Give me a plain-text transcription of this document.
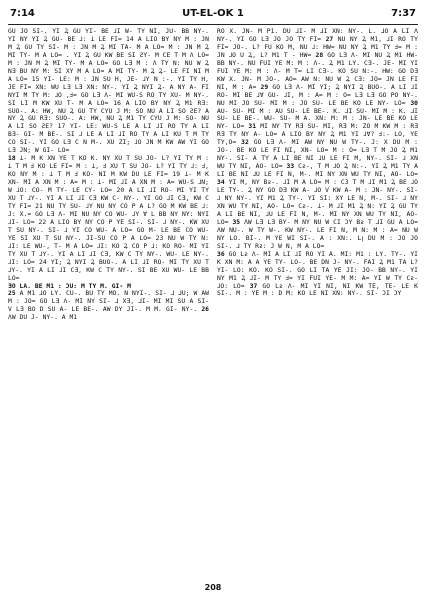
7:14	UT-EL-OK 1	7:37

GU JO SI-. YI Ꝝ GU YI- BE ⅃I W- TY NI, JU- BB NY-. YI NY YI Ꝝ GU- BE ⅃: Ʇ LE FI= 14 A LIO BY NY M : JN M Ꝝ GU TY SI- M : JN M Ꝝ MI TA- M A LO= M : JN M Ꝝ MI TY- M A LO= . YI Ꝝ GU KW BE SI ƧY- M CE T M Λ LO= M : JN M Ꝝ MI TY- M A LO= GO LƎ M : Λ TY N: NU W Ꝝ NƎ BU NY M: SI XY M A LO= A MI TY- M Ꝝ Ꝝ- LE FI NI M A LO= 15 YI- LE: M : JN SU H, JE- ⅃Y N :-. YI TY H, JE FI= XN: WU LƎ LƎ XN: NY-. YI Ꝝ NYI Ꝝ- A NY A- FI NYI M TY M: ⅃O ,Ⅎ= GO LƎ Λ- MI WU-S RO TY XU- M NY-. SI LI M KW XU T- M A LO= 16 A LIO BY NY Ꝝ M1 RƎ: SUO-. A: HW, NU Ꝝ GU TY CYU J M: SO NU A LI SO ƧE? A NY Ꝝ GU RƎ: SUO-. A: HW, NU Ꝝ M1 TY CYU J M: SO- NU A LI SO ƧE? 17 YI- LE: WU-S LE A LI ⅃I RO TY A LI BƎ- GI- M BE-. SI ⅃ LE A LI ⅃I RO TY A LI KU T M TY CO SI-. YI GO LƎ C N M-. XU ZI; ⅃O JN M KW AW YI GO LƎ JN; W GI- LO=

18 Ʇ- M K XN YE T KO K. NY XU T SU JO- L? YI TY M : Ʇ T M Ⅎ KO LE FI= M : Ʇ, Ⅎ XU T SU JO- L? YI TY ⅃: Ⅎ, KO NY M : Ʇ T M Ⅎ KO- NI M KW DU LE FI= 19 Ʇ- M K XN- MI A XN M : A= M : Ʇ- MI ⅃I A XN M : A= WU-S ⅃N; W ⅃O: CO- M TY- LE CY- LO= 20 A LI ⅃I RO- MI YI TY XU T ⅃Y-. YI A LI ⅃I CƎ KW C- NY-. YI GO ⅃I CƎ, KW C TY FI= 21 NU TY SU- ⅃Y NU NY CO P A L? GO M KW BE ⅃: J: X.= GO LƎ Λ- MI NU NY CO WU- ⅃Y Ɐ L BB NY NY: NYI ⅃I- LO= 22 A LIO BY NY CO P YE SI-. SI- ⅃ NY-. KW XU T SU NY-. SI- ⅃ YI CO WU- A LO= GO M- LE BE CO WU- YE SI XU T SU NY-. JI-SU CO P A LO= 23 NU W TY N: ⅃I: LE WU-, T- M A LO= ⅃I: KO Ꝝ CO P ⅃: KO RO- MI YI TY XU T ⅃Y-. YI A LI ⅃I CƎ, KW C TY NY-. WU- LE NY-. ⅃I: LO= 24 YI; Ꝝ NYI Ꝝ BUO-. A LI ⅃I RO- MI TY XU T ⅃Y-. YI A LI ⅃I CƎ, KW C TY NY-. SI BE XU WU- LE BB LO=

ƎO LA. BE M1 : ƆU: M TY M. GI- M

25 A M1 ⅃O LY. CU-. BU TY MO. N NYI-. SI- ⅃ ⅃U; W AW M : JO= GO LƎ Λ- MI NY SI- ⅃ XƎ, ⅃I- MI MI SU A SI- V LƎ BO D SU A- LE BE-. AW DY JI-. M M. GI- NY-. 26 ΛW DU J- NY-. A M1

RO X. JN- M P1. DU ⅃I- M ⅃I XN: NY-. L. ⅃O A LI Λ NY-. YI GO LƎ JO JO TY FI= 27 NU NY Ꝝ M1, ⅃I RO TY FI= JO-. L? FU KO M, NU ⅃: HW= NU NY Ꝝ M1 TY Ⅎ= M : JN ⅃O U Ꝝ, L? M1 T - HW= 28 GO LƎ Λ- MI NU Ꝝ M1 HW- BB NY-. NU FUI YE M: M : Λ-. Ꝝ M1 LY. CƎ-. JE- MI YI FUI YE M: M : Λ- M T= LI CƎ-. KO SU N:-. HW: GO DƎ KW X. JN- M JO-. AO= AW N: NU W Ꝝ CƎ: JO= JN LE FI NI, M : A= 29 GO LƎ Λ- MI YI; Ꝝ NYI Ꝝ BUO-. A LI ⅃I RO- MI BE ⅃Ɐ GU- ⅃I, M : A= M : O= LƎ LƎ GO PO NY-. NU MI JO SU- MI M : JO SU- LE BE KO LE NY- LO= 30 AU- SU- MI M : AU SU- LE BE-. K. ⅃I SU- MI M : K. ⅃I SU- LE BE-. WU- SU- M A. XN: M: M : JN- LE BE KO LE NY- LO= 31 MI NY TY RƎ SU- MI, RƎ M: ZO M KW M : RƎ RƎ TY NY A- LO= A LIO BY NY Ꝝ M1 YI ⅃Ɐ? Ⅎ:- LO, YE TY,O= 32 GO LƎ Λ- MI AW NY NU W TY-. J: X DU M : JO-. BE KO LE FI NI, XN- LO= M : O= LƎ T M JO Ꝝ M1 NY-. SI- A TY A LI BE NI ⅃U LE FI M, NY-. SI- ⅃ XN WU TY NI, AO- LO= 33 Cƨ-, T M ⅃O Ꝝ N:-. YI Ꝝ M1 TY A LI BE NI ⅃U LE FI N, M-. MI NY XN WU TY NI, AO- LO= 34 YI M, NY Bƨ-. ⅃I M A LO= M : C3 T M ⅃I M1 Ꝝ BE ⅃O LE TY-. Ꝝ NY GO DƎ KW A- ⅃O V KW A- M : JN- NY-. SI- ⅃ NY NY-. YI M1 Ꝝ TY-. YI SI: XY LE N, M-. SI- ⅃ NY XN WU TY NI, AO- LO= Cƨ-. Ʇ- M ⅃I M1 Ꝝ N: YI Ꝝ GU TY A LI BE NI, ⅃U LE FI N, M-. MI NY XN WU TY NI, AO- LO= 35 ΛW LƎ LƎ BY- M NY NU W CI ƆY Bƨ T ⅃I GU A LO= ΛW NU-. W TY W-. KW NY-. LE FI N, M N: M : A= NU W NY LO. BI-. M YE WI SI-. A : XN:. Lꞁ DU M : JO JO SI-. ⅃ TY Rƨ: J W N, M A LO=

36 GO Lƨ Λ- MI A LI ⅃I RO YI A. MI: M1 : LY. TY-. YI K XN M: A A YE TY- LO-. BE DN J- NY-. FAI Ꝝ M1 TA L? YI- LO: KO. KO SI-. GO LI TA YE JI: JO- BB NY-. YI NY M1 Ꝝ ⅃I- M TY Ⅎ= YI FUI YE- M M: A= YI W TY Cƨ- ⅃O: LO= 37 GO Lƨ Λ- MI YI NI, NI KW TE, TE- LE K SI-. M : YE M : D M: KO LE NI XN: NY-. SI- ƆI ƆY

208
